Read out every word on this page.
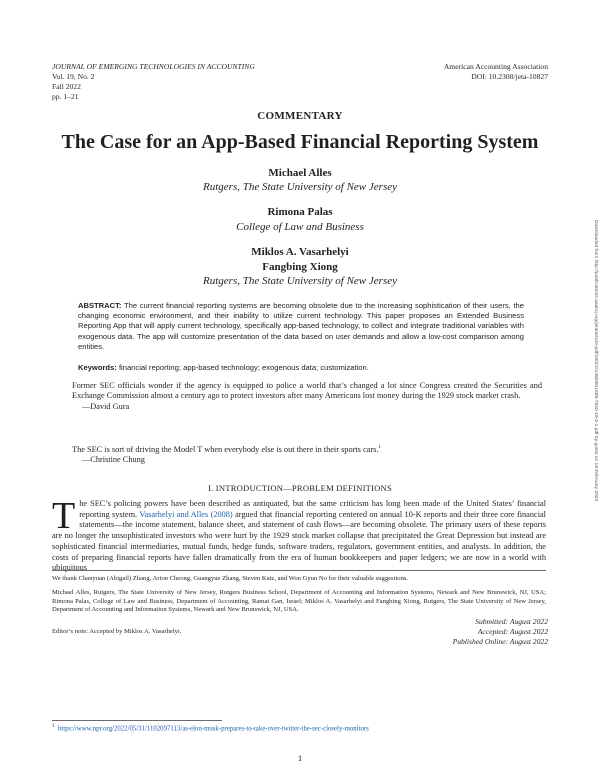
JOURNAL OF EMERGING TECHNOLOGIES IN ACCOUNTING
Vol. 19, No. 2
Fall 2022
pp. 1–21
American Accounting Association
DOI: 10.2308/jeta-10827
COMMENTARY
The Case for an App-Based Financial Reporting System
Michael Alles
Rutgers, The State University of New Jersey
Rimona Palas
College of Law and Business
Miklos A. Vasarhelyi
Fangbing Xiong
Rutgers, The State University of New Jersey
ABSTRACT: The current financial reporting systems are becoming obsolete due to the increasing sophistication of their users, the changing economic environment, and their inability to utilize current technology. This paper proposes an Extended Business Reporting App that will apply current technology, specifically app-based technology, to collect and integrate traditional variables with exogenous data. The app will customize presentation of the data based on user demands and allow a low-cost comparison among entities.
Keywords: financial reporting; app-based technology; exogenous data; customization.
Former SEC officials wonder if the agency is equipped to police a world that’s changed a lot since Congress created the Securities and Exchange Commission almost a century ago to protect investors after many Americans lost money during the 1929 stock market crash.
—David Gura
The SEC is sort of driving the Model T when everybody else is out there in their sports cars.$^1$
—Christine Chung
I. INTRODUCTION—PROBLEM DEFINITIONS
The SEC’s policing powers have been described as antiquated, but the same criticism has long been made of the United States’ financial reporting system. Vasarhelyi and Alles (2008) argued that financial reporting centered on annual 10-K reports and their three core financial statements—the income statement, balance sheet, and statement of cash flows—are becoming obsolete. The primary users of these reports are no longer the unsophisticated investors who were hurt by the 1929 stock market collapse that precipitated the Great Depression but instead are sophisticated financial intermediaries, mutual funds, hedge funds, software traders, regulators, government entities, and analysts. In addition, the costs of preparing financial reports have fallen dramatically from the era of human bookkeepers and paper ledgers; we are now in a world with ubiquitous
We thank Chanyuan (Abigail) Zhang, Arion Cheong, Guangyue Zhang, Steven Katz, and Won Gyun No for their valuable suggestions.
Michael Alles, Rutgers, The State University of New Jersey, Rutgers Business School, Department of Accounting and Information Systems, Newark and New Brunswick, NJ, USA; Rimona Palas, College of Law and Business, Department of Accounting, Ramat Gan, Israel; Miklos A. Vasarhelyi and Fangbing Xiong, Rutgers, The State University of New Jersey, Department of Accounting and Information Systems, Newark and New Brunswick, NJ, USA.
Editor’s note: Accepted by Miklos A. Vasarhelyi.
Submitted: August 2022
Accepted: August 2022
Published Online: August 2022
$^1$ https://www.npr.org/2022/05/31/1102097113/as-elon-musk-prepares-to-take-over-twitter-the-sec-closely-monitors
1
Downloaded from http://publications.aaahq.org/jeta/article-pdf/19/2/1/108296/1558-7940-19-2-1.pdf by guest on 18 February 2023
